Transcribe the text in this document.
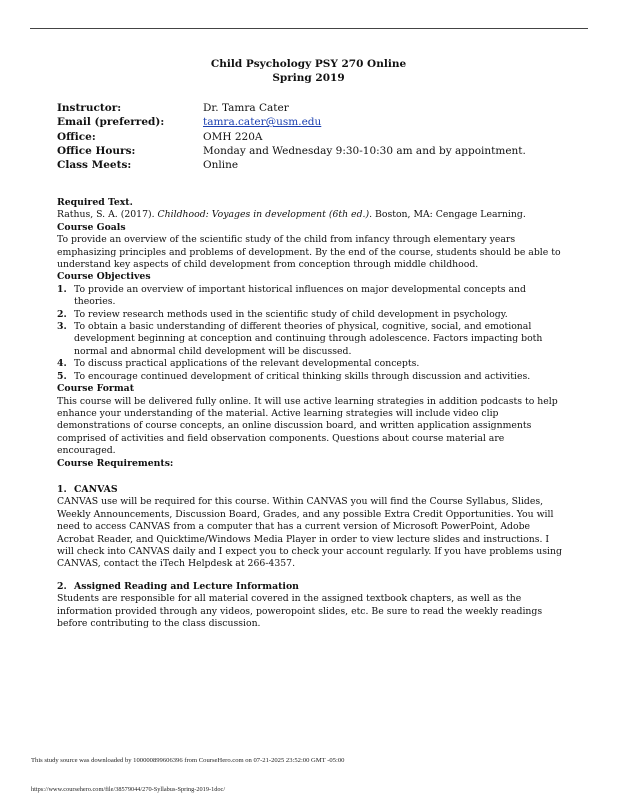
Child Psychology PSY 270 Online
Spring 2019
Instructor:	Dr. Tamra Cater
Email (preferred):	tamra.cater@usm.edu
Office:	OMH 220A
Office Hours:	Monday and Wednesday 9:30-10:30 am and by appointment.
Class Meets:	Online

Required Text.

Rathus, S. A. (2017). Childhood: Voyages in development (6th ed.). Boston, MA: Cengage Learning.

Course Goals

To provide an overview of the scientific study of the child from infancy through elementary years emphasizing principles and problems of development. By the end of the course, students should be able to understand key aspects of child development from conception through middle childhood.

Course Objectives

1. To provide an overview of important historical influences on major developmental concepts and theories.
2. To review research methods used in the scientific study of child development in psychology.
3. To obtain a basic understanding of different theories of physical, cognitive, social, and emotional development beginning at conception and continuing through adolescence. Factors impacting both normal and abnormal child development will be discussed.
4. To discuss practical applications of the relevant developmental concepts.
5. To encourage continued development of critical thinking skills through discussion and activities.

Course Format

This course will be delivered fully online. It will use active learning strategies in addition podcasts to help enhance your understanding of the material. Active learning strategies will include video clip demonstrations of course concepts, an online discussion board, and written application assignments comprised of activities and field observation components. Questions about course material are encouraged.

Course Requirements:

1. CANVAS

CANVAS use will be required for this course. Within CANVAS you will find the Course Syllabus, Slides, Weekly Announcements, Discussion Board, Grades, and any possible Extra Credit Opportunities. You will need to access CANVAS from a computer that has a current version of Microsoft PowerPoint, Adobe Acrobat Reader, and Quicktime/Windows Media Player in order to view lecture slides and instructions. I will check into CANVAS daily and I expect you to check your account regularly. If you have problems using CANVAS, contact the iTech Helpdesk at 266-4357.

2. Assigned Reading and Lecture Information

Students are responsible for all material covered in the assigned textbook chapters, as well as the information provided through any videos, poweropoint slides, etc. Be sure to read the weekly readings before contributing to the class discussion.

This study source was downloaded by 100000899606396 from CourseHero.com on 07-21-2025 23:52:00 GMT -05:00
https://www.coursehero.com/file/38579044/270-Syllabus-Spring-2019-1doc/
